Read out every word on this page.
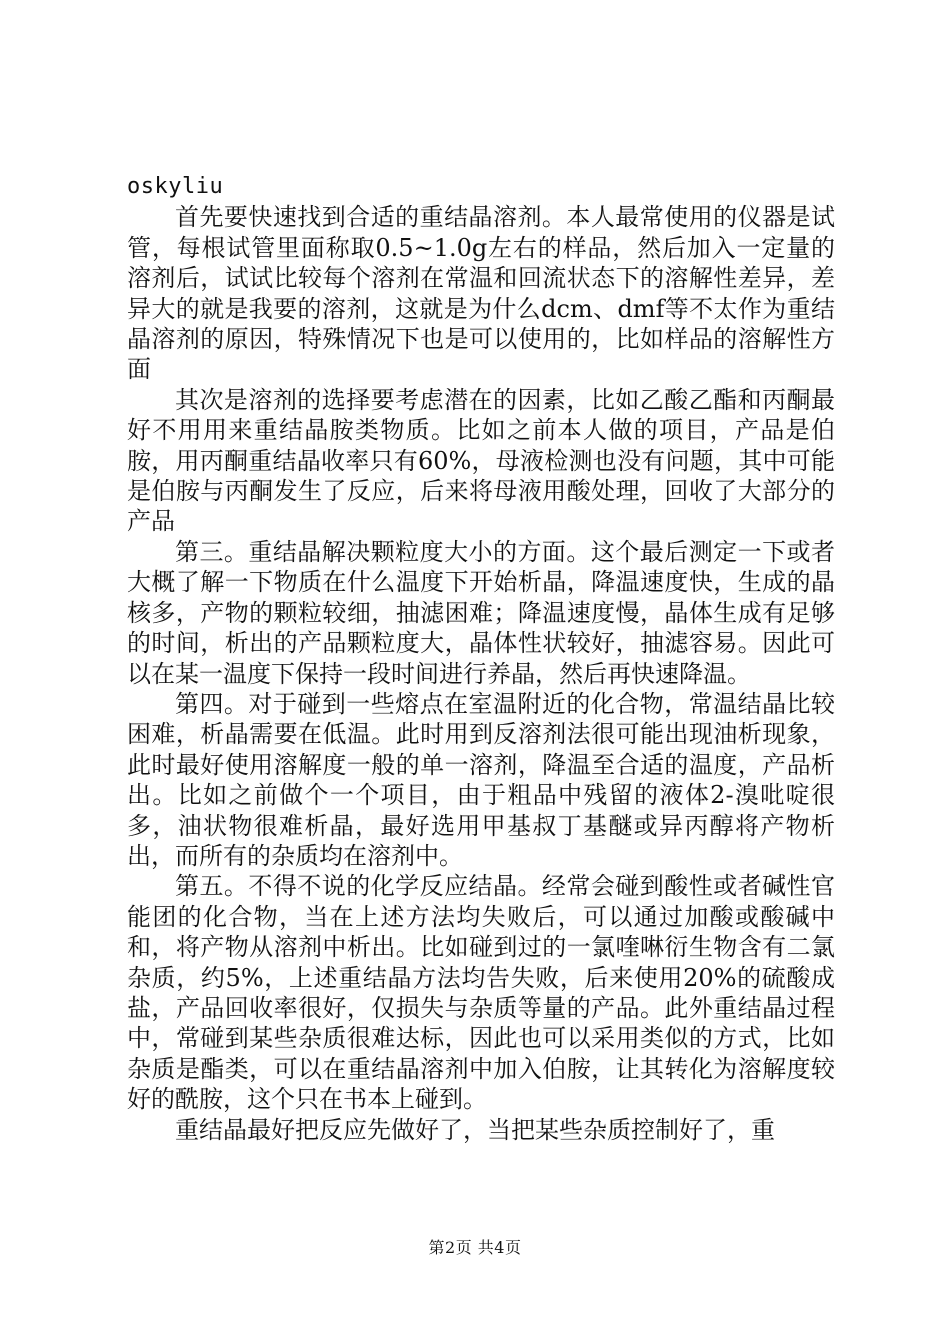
oskyliu

首先要快速找到合适的重结晶溶剂。本人最常使用的仪器是试管，每根试管里面称取0.5~1.0g左右的样品，然后加入一定量的溶剂后，试试比较每个溶剂在常温和回流状态下的溶解性差异，差异大的就是我要的溶剂，这就是为什么dcm、dmf等不太作为重结晶溶剂的原因，特殊情况下也是可以使用的，比如样品的溶解性方面

其次是溶剂的选择要考虑潜在的因素，比如乙酸乙酯和丙酮最好不用用来重结晶胺类物质。比如之前本人做的项目，产品是伯胺，用丙酮重结晶收率只有60%，母液检测也没有问题，其中可能是伯胺与丙酮发生了反应，后来将母液用酸处理，回收了大部分的产品

第三。重结晶解决颗粒度大小的方面。这个最后测定一下或者大概了解一下物质在什么温度下开始析晶，降温速度快，生成的晶核多，产物的颗粒较细，抽滤困难；降温速度慢，晶体生成有足够的时间，析出的产品颗粒度大，晶体性状较好，抽滤容易。因此可以在某一温度下保持一段时间进行养晶，然后再快速降温。

第四。对于碰到一些熔点在室温附近的化合物，常温结晶比较困难，析晶需要在低温。此时用到反溶剂法很可能出现油析现象，此时最好使用溶解度一般的单一溶剂，降温至合适的温度，产品析出。比如之前做个一个项目，由于粗品中残留的液体2-溴吡啶很多，油状物很难析晶，最好选用甲基叔丁基醚或异丙醇将产物析出，而所有的杂质均在溶剂中。

第五。不得不说的化学反应结晶。经常会碰到酸性或者碱性官能团的化合物，当在上述方法均失败后，可以通过加酸或酸碱中和，将产物从溶剂中析出。比如碰到过的一氯喹啉衍生物含有二氯杂质，约5%，上述重结晶方法均告失败，后来使用20%的硫酸成盐，产品回收率很好，仅损失与杂质等量的产品。此外重结晶过程中，常碰到某些杂质很难达标，因此也可以采用类似的方式，比如杂质是酯类，可以在重结晶溶剂中加入伯胺，让其转化为溶解度较好的酰胺，这个只在书本上碰到。

重结晶最好把反应先做好了，当把某些杂质控制好了，重

第2页 共4页
